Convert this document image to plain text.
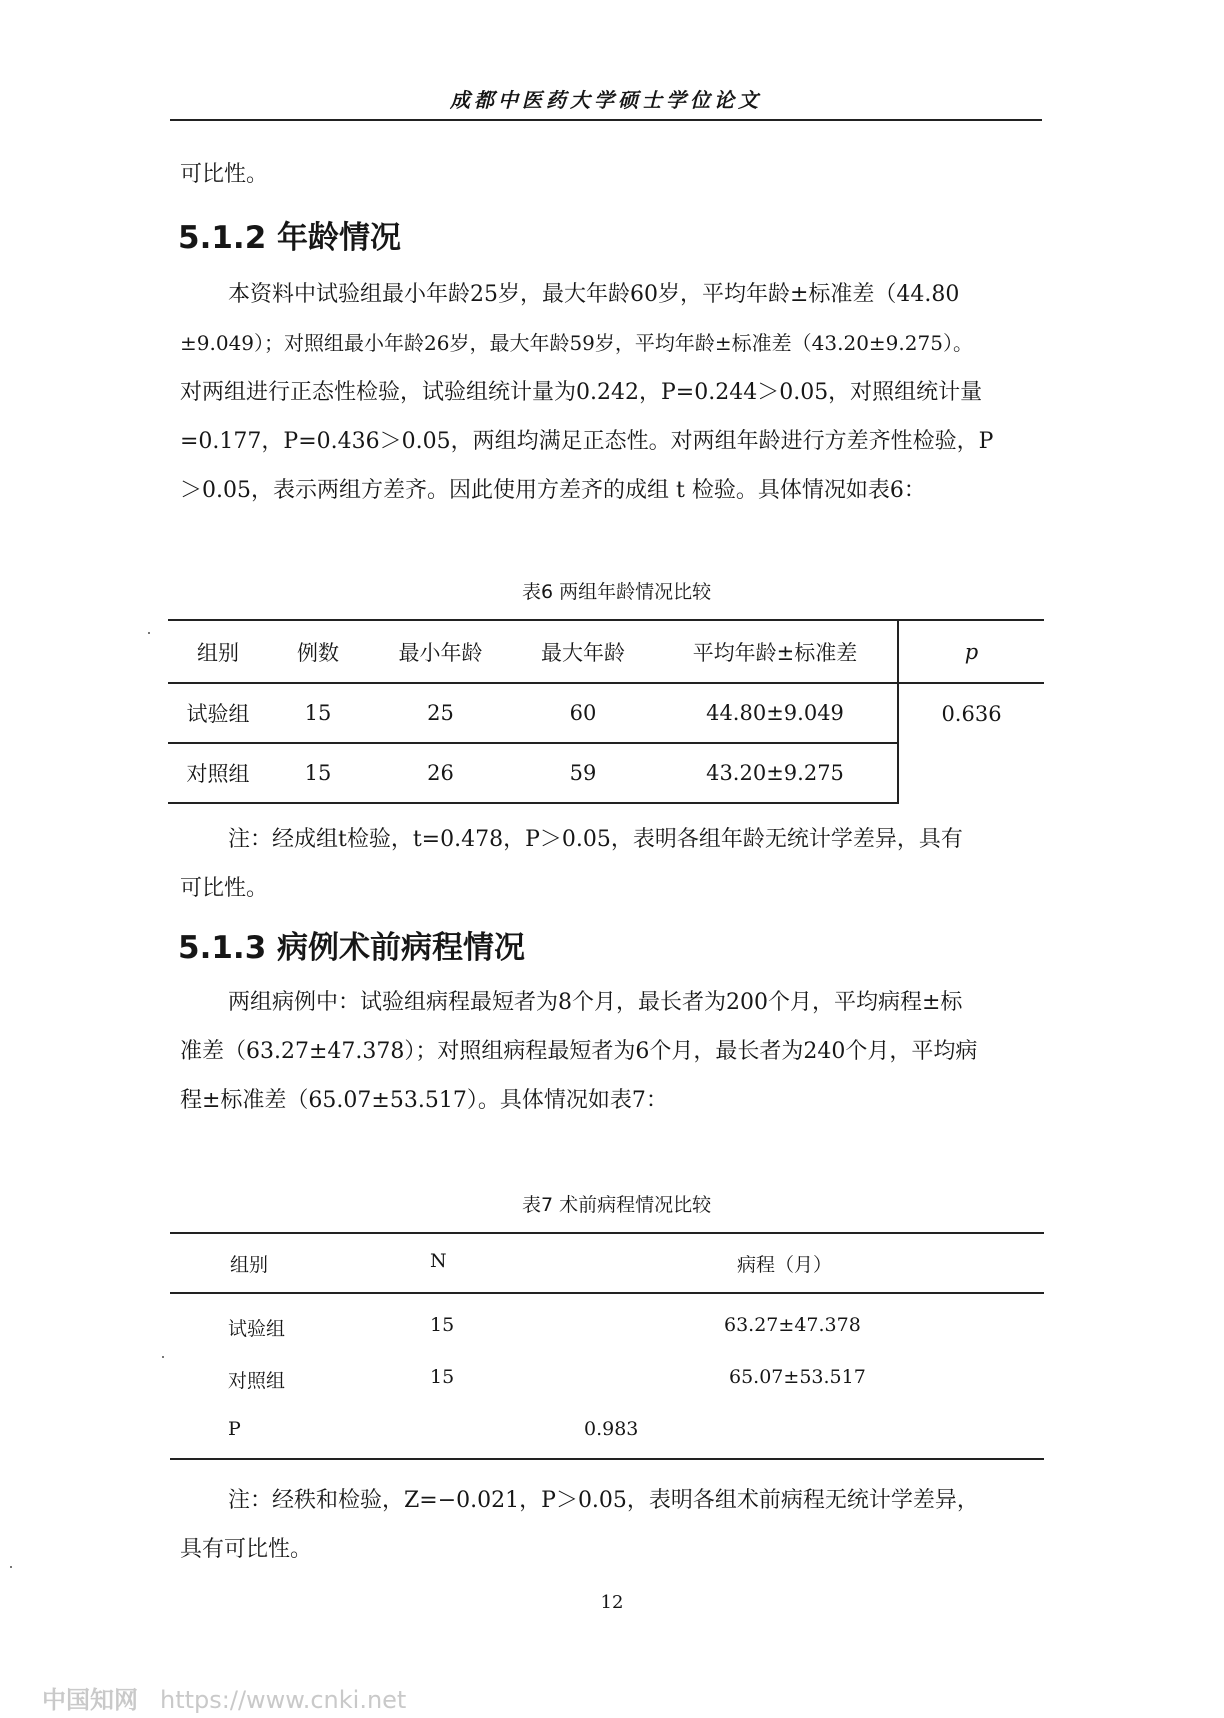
成都中医药大学硕士学位论文

可比性。

5.1.2 年龄情况

本资料中试验组最小年龄25岁，最大年龄60岁，平均年龄±标准差（44.80

±9.049）；对照组最小年龄26岁，最大年龄59岁，平均年龄±标准差（43.20±9.275）。

对两组进行正态性检验，试验组统计量为0.242，P=0.244＞0.05，对照组统计量

=0.177，P=0.436＞0.05，两组均满足正态性。对两组年龄进行方差齐性检验，P

＞0.05，表示两组方差齐。因此使用方差齐的成组 t 检验。具体情况如表6：

表6 两组年龄情况比较
组别	例数	最小年龄	最大年龄	平均年龄±标准差	p
试验组	15	25	60	44.80±9.049	0.636
对照组	15	26	59	43.20±9.275	

注：经成组t检验，t=0.478，P＞0.05，表明各组年龄无统计学差异，具有

可比性。

5.1.3 病例术前病程情况

两组病例中：试验组病程最短者为8个月，最长者为200个月，平均病程±标

准差（63.27±47.378）；对照组病程最短者为6个月，最长者为240个月，平均病

程±标准差（65.07±53.517）。具体情况如表7：

表7 术前病程情况比较
组别	N	病程（月）
试验组	15	63.27±47.378
对照组	15	65.07±53.517
P	0.983

注：经秩和检验，Z=−0.021，P＞0.05，表明各组术前病程无统计学差异，

具有可比性。

12
中国知网 https://www.cnki.net
